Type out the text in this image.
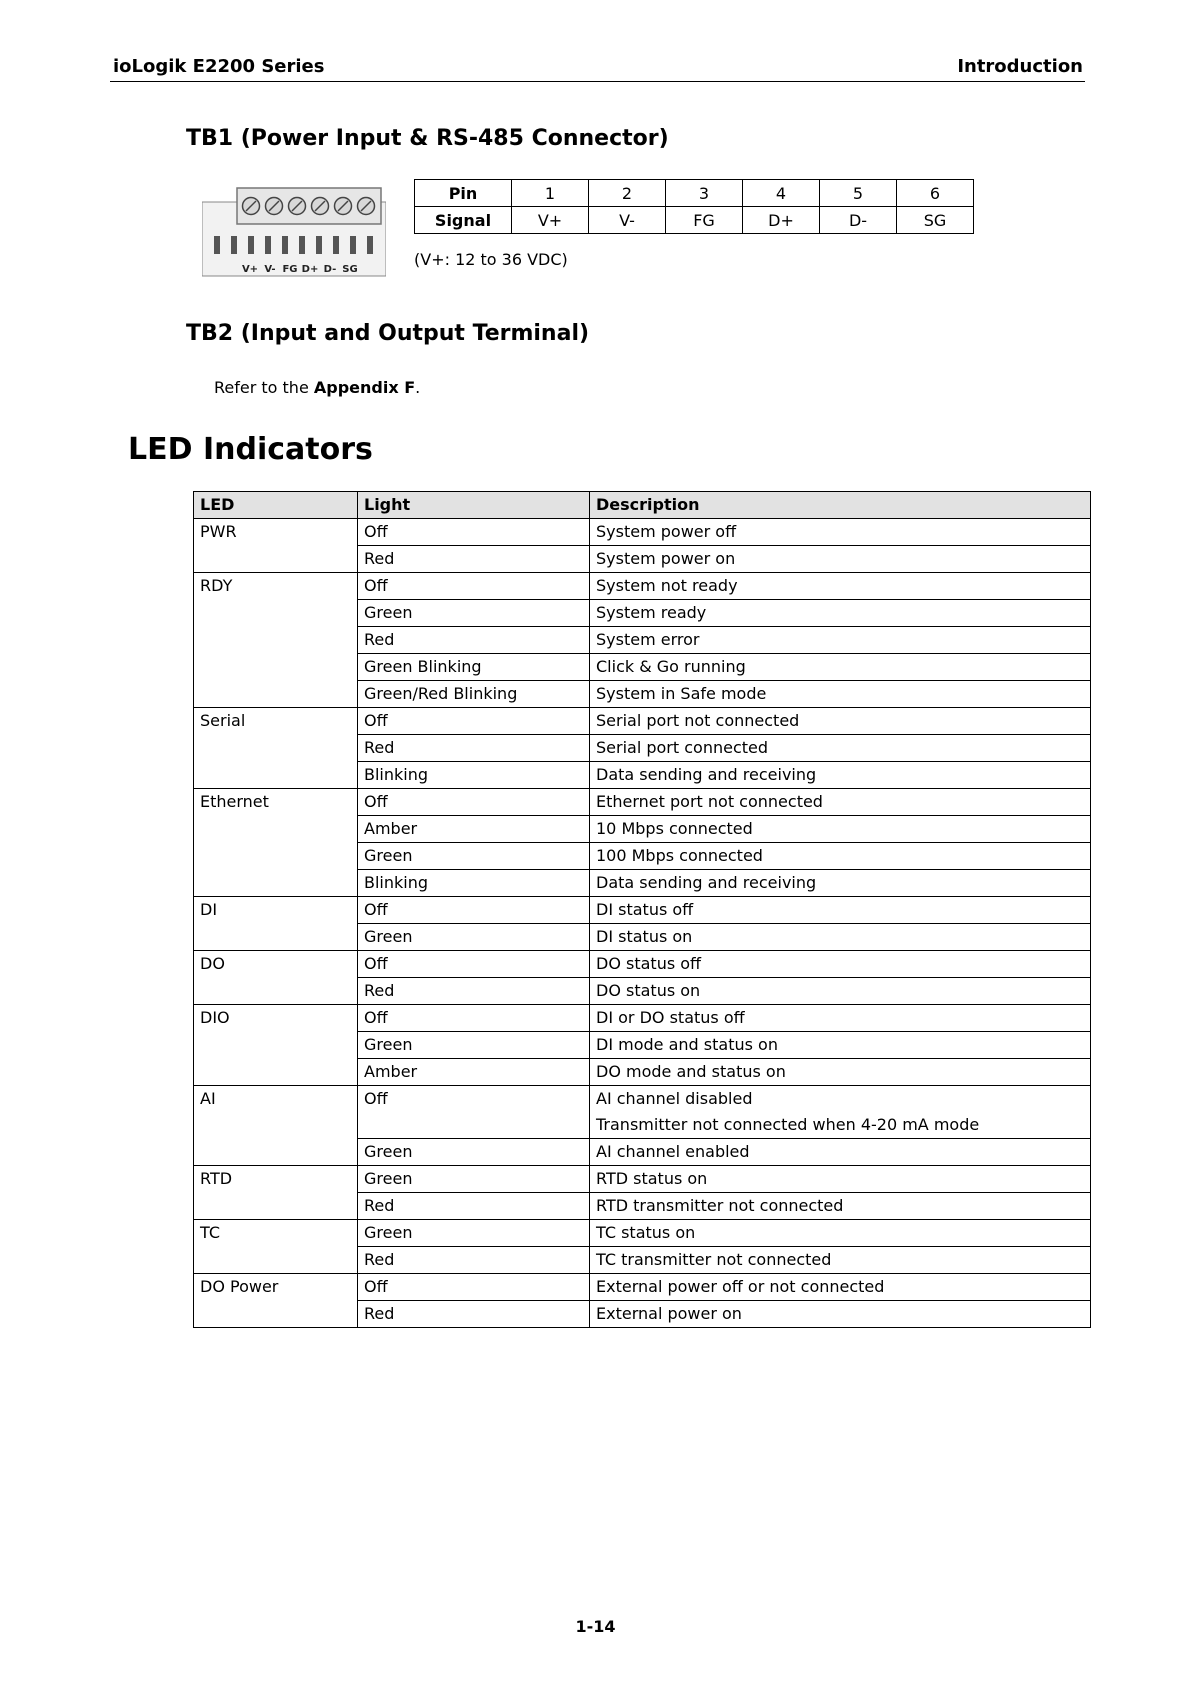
ioLogik E2200 Series	Introduction
TB1 (Power Input & RS-485 Connector)
V+ V- FG D+ D- SG
Pin	1	2	3	4	5	6
Signal	V+	V-	FG	D+	D-	SG
(V+: 12 to 36 VDC)
TB2 (Input and Output Terminal)
Refer to the Appendix F.
LED Indicators
LED	Light	Description
PWR	Off	System power off

	Red	System power on

RDY	Off	System not ready

	Green	System ready

	Red	System error

	Green Blinking	Click & Go running

	Green/Red Blinking	System in Safe mode

Serial	Off	Serial port not connected

	Red	Serial port connected

	Blinking	Data sending and receiving

Ethernet	Off	Ethernet port not connected

	Amber	10 Mbps connected

	Green	100 Mbps connected

	Blinking	Data sending and receiving

DI	Off	DI status off

	Green	DI status on

DO	Off	DO status off

	Red	DO status on

DIO	Off	DI or DO status off

	Green	DI mode and status on

	Amber	DO mode and status on

AI	Off	AI channel disabled
Transmitter not connected when 4-20 mA mode

	Green	AI channel enabled

RTD	Green	RTD status on

	Red	RTD transmitter not connected

TC	Green	TC status on

	Red	TC transmitter not connected

DO Power	Off	External power off or not connected

	Red	External power on
1-14
